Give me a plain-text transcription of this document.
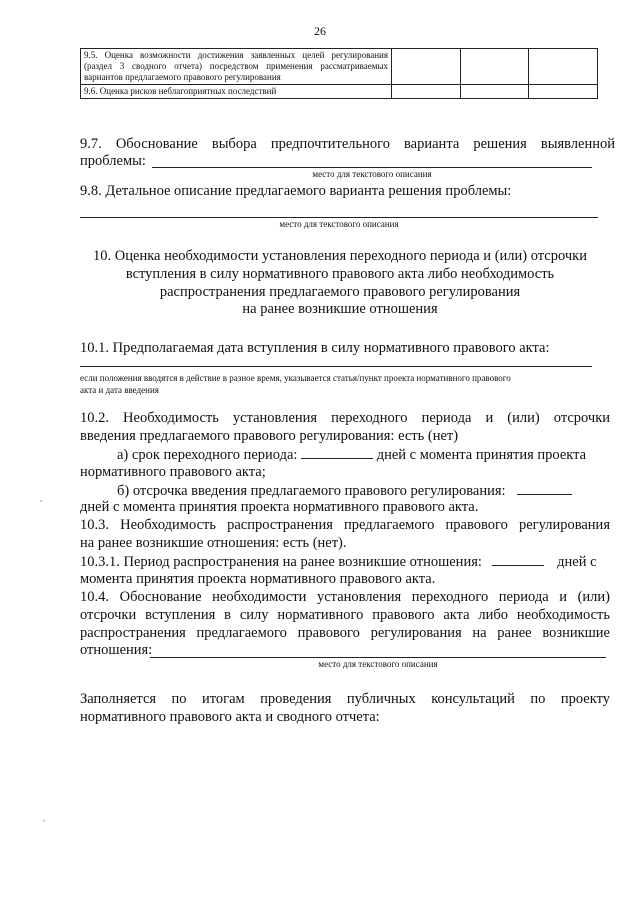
26
9.5. Оценка возможности достижения заявленных целей регулирования (раздел 3 сводного отчета) посредством применения рассматриваемых вариантов предлагаемого правового регулирования			
9.6. Оценка рисков неблагоприятных последствий			
9.7. Обоснование выбора предпочтительного варианта решения выявленной
проблемы:
место для текстового описания
9.8. Детальное описание предлагаемого варианта решения проблемы:
место для текстового описания
10. Оценка необходимости установления переходного периода и (или) отсрочки
вступления в силу нормативного правового акта либо необходимость
распространения предлагаемого правового регулирования
на ранее возникшие отношения
10.1. Предполагаемая дата вступления в силу нормативного правового акта:
если положения вводятся в действие в разное время, указывается статья/пункт проекта нормативного правового
акта и дата введения
10.2. Необходимость установления переходного периода и (или) отсрочки
введения предлагаемого правового регулирования: есть (нет)
а) срок переходного периода:	дней с момента принятия проекта
нормативного правового акта;
б) отсрочка введения предлагаемого правового регулирования:
дней с момента принятия проекта нормативного правового акта.
10.3. Необходимость распространения предлагаемого правового регулирования
на ранее возникшие отношения: есть (нет).
10.3.1. Период распространения на ранее возникшие отношения:	дней с
момента принятия проекта нормативного правового акта.
10.4. Обоснование необходимости установления переходного периода и (или)
отсрочки вступления в силу нормативного правового акта либо необходимость
распространения предлагаемого правового регулирования на ранее возникшие
отношения:
место для текстового описания
Заполняется по итогам проведения публичных консультаций по проекту
нормативного правового акта и сводного отчета:
